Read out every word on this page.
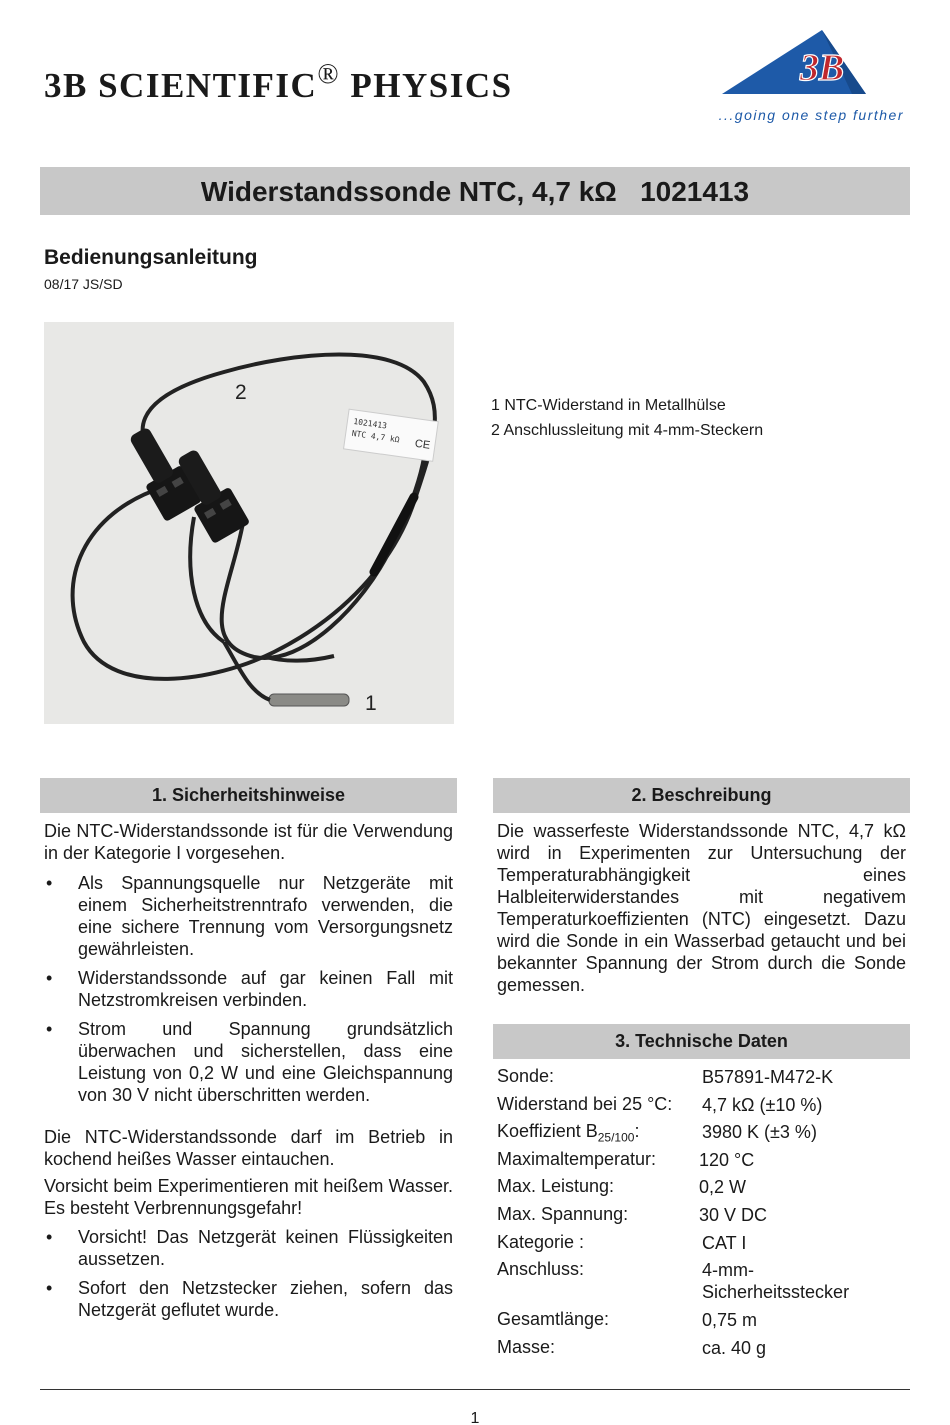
3B SCIENTIFIC® PHYSICS	3B
...going one step further
Widerstandssonde NTC, 4,7 kΩ   1021413
Bedienungsanleitung
08/17 JS/SD
1021413
NTC 4,7 kΩ
CE
2
1
1 NTC-Widerstand in Metallhülse
2 Anschlussleitung mit 4-mm-Steckern
1. Sicherheitshinweise

Die NTC-Widerstandssonde ist für die Verwendung in der Kategorie I vorgesehen.

• Als Spannungsquelle nur Netzgeräte mit einem Sicherheitstrenntrafo verwenden, die eine sichere Trennung vom Versorgungsnetz gewährleisten.
• Widerstandssonde auf gar keinen Fall mit Netzstromkreisen verbinden.
• Strom und Spannung grundsätzlich überwachen und sicherstellen, dass eine Leistung von 0,2 W und eine Gleichspannung von 30 V nicht überschritten werden.

Die NTC-Widerstandssonde darf im Betrieb in kochend heißes Wasser eintauchen.

Vorsicht beim Experimentieren mit heißem Wasser. Es besteht Verbrennungsgefahr!

• Vorsicht! Das Netzgerät keinen Flüssigkeiten aussetzen.
• Sofort den Netzstecker ziehen, sofern das Netzgerät geflutet wurde.
2. Beschreibung

Die wasserfeste Widerstandssonde NTC, 4,7 kΩ wird in Experimenten zur Untersuchung der Temperaturabhängigkeit eines Halbleiterwiderstandes mit negativem Temperaturkoeffizienten (NTC) eingesetzt. Dazu wird die Sonde in ein Wasserbad getaucht und bei bekannter Spannung der Strom durch die Sonde gemessen.

3. Technische Daten
Sonde:	B57891-M472-K
Widerstand bei 25 °C: 4,7 kΩ (±10 %)
Koeffizient $B_{25/100}$:	3980 K (±3 %)
Maximaltemperatur: 120 °C
Max. Leistung:	0,2 W
Max. Spannung:	30 V DC
Kategorie :	CAT I
Anschluss:	4-mm-Sicherheitsstecker
Gesamtlänge:	0,75 m
Masse:	ca. 40 g
1
